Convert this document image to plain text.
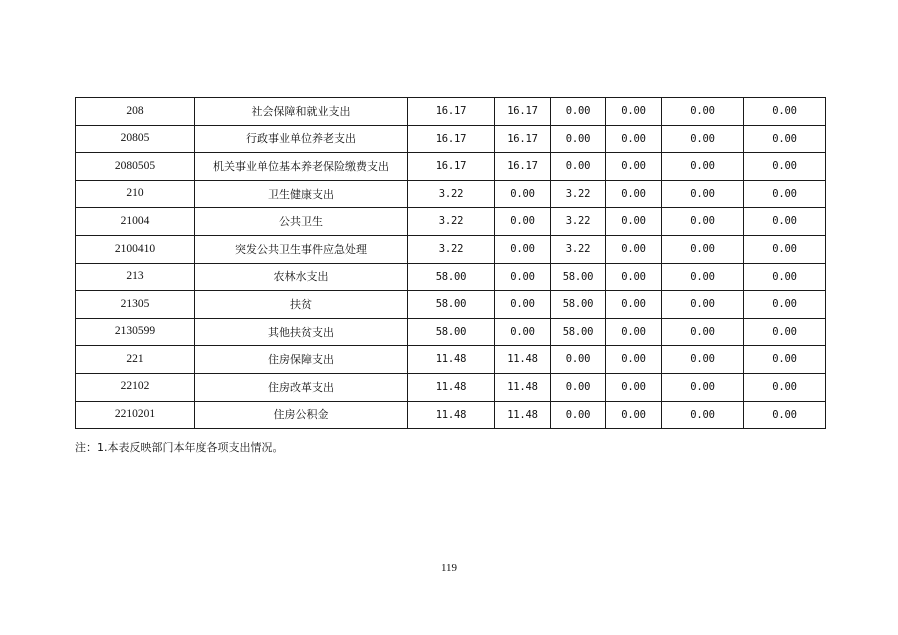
208	社会保障和就业支出	16.17	16.17	0.00	0.00	0.00	0.00
20805	行政事业单位养老支出	16.17	16.17	0.00	0.00	0.00	0.00
2080505	机关事业单位基本养老保险缴费支出	16.17	16.17	0.00	0.00	0.00	0.00
210	卫生健康支出	3.22	0.00	3.22	0.00	0.00	0.00
21004	公共卫生	3.22	0.00	3.22	0.00	0.00	0.00
2100410	突发公共卫生事件应急处理	3.22	0.00	3.22	0.00	0.00	0.00
213	农林水支出	58.00	0.00	58.00	0.00	0.00	0.00
21305	扶贫	58.00	0.00	58.00	0.00	0.00	0.00
2130599	其他扶贫支出	58.00	0.00	58.00	0.00	0.00	0.00
221	住房保障支出	11.48	11.48	0.00	0.00	0.00	0.00
22102	住房改革支出	11.48	11.48	0.00	0.00	0.00	0.00
2210201	住房公积金	11.48	11.48	0.00	0.00	0.00	0.00
注：1.本表反映部门本年度各项支出情况。
119
